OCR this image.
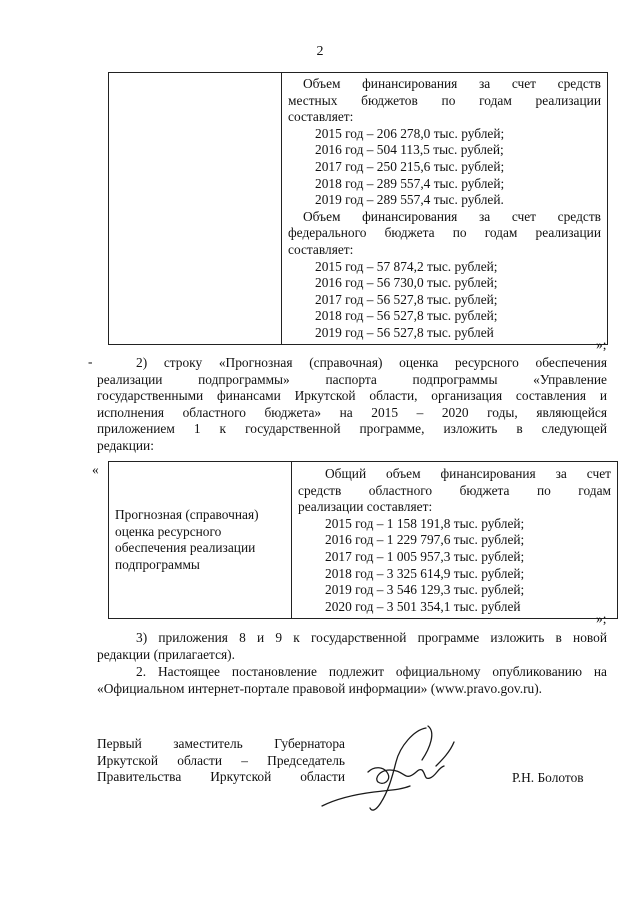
2

Объем финансирования за счет средств
местных бюджетов по годам реализации
составляет:
2015 год – 206 278,0 тыс. рублей;
2016 год – 504 113,5 тыс. рублей;
2017 год – 250 215,6 тыс. рублей;
2018 год – 289 557,4 тыс. рублей;
2019 год – 289 557,4 тыс. рублей.
Объем финансирования за счет средств
федерального бюджета по годам реализации
составляет:
2015 год – 57 874,2 тыс. рублей;
2016 год – 56 730,0 тыс. рублей;
2017 год – 56 527,8 тыс. рублей;
2018 год – 56 527,8 тыс. рублей;
2019 год – 56 527,8 тыс. рублей
»;
-	2) строку «Прогнозная (справочная) оценка ресурсного обеспечения
реализации подпрограммы» паспорта подпрограммы «Управление
государственными финансами Иркутской области, организация составления и
исполнения областного бюджета» на 2015 – 2020 годы, являющейся
приложением 1 к государственной программе, изложить в следующей
редакции:
«
Прогнозная (справочная)
оценка ресурсного
обеспечения реализации
подпрограммы

Общий объем финансирования за счет
средств областного бюджета по годам
реализации составляет:
2015 год – 1 158 191,8 тыс. рублей;
2016 год – 1 229 797,6 тыс. рублей;
2017 год – 1 005 957,3 тыс. рублей;
2018 год – 3 325 614,9 тыс. рублей;
2019 год – 3 546 129,3 тыс. рублей;
2020 год – 3 501 354,1 тыс. рублей
»;
3) приложения 8 и 9 к государственной программе изложить в новой
редакции (прилагается).
2. Настоящее постановление подлежит официальному опубликованию на
«Официальном интернет-портале правовой информации» (www.pravo.gov.ru).
Первый заместитель Губернатора
Иркутской области – Председатель
Правительства Иркутской области	Р.Н. Болотов
